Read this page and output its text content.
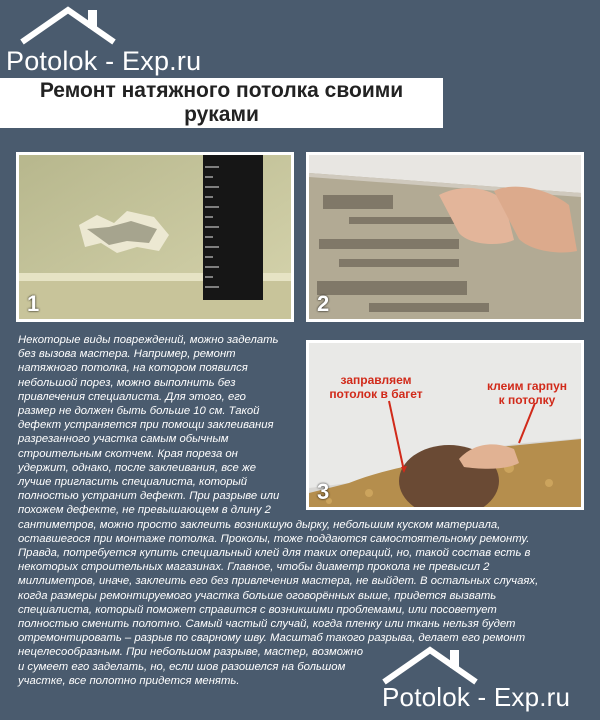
Potolok - Exp.ru
Ремонт натяжного потолка своими
руками
1	2
заправляем
потолок в багет
клеим гарпун
к потолку
3
Некоторые виды повреждений, можно заделать
без вызова мастера. Например, ремонт
натяжного потолка, на котором появился
небольшой порез, можно выполнить без
привлечения специалиста. Для этого, его
размер не должен быть больше 10 см. Такой
дефект устраняется при помощи заклеивания
разрезанного участка самым обычным
строительным скотчем. Края пореза он
удержит, однако, после заклеивания, все же
лучше пригласить специалиста, который
полностью устранит дефект. При разрыве или
похожем дефекте, не превышающем в длину 2
сантиметров, можно просто заклеить возникшую дырку, небольшим куском материала,
оставшегося при монтаже потолка. Проколы, тоже поддаются самостоятельному ремонту.
Правда, потребуется купить специальный клей для таких операций, но, такой состав есть в
некоторых строительных магазинах. Главное, чтобы диаметр прокола не превысил 2
миллиметров, иначе, заклеить его без привлечения мастера, не выйдет. В остальных случаях,
когда размеры ремонтируемого участка больше оговорённых выше, придется вызвать
специалиста, который поможет справится с возникшими проблемами, или посоветует
полностью сменить полотно. Самый частый случай, когда пленку или ткань нельзя будет
отремонтировать – разрыв по сварному шву. Масштаб такого разрыва, делает его ремонт
нецелесообразным. При небольшом разрыве, мастер, возможно
и сумеет его заделать, но, если шов разошелся на большом
участке, все полотно придется менять.
Potolok - Exp.ru
